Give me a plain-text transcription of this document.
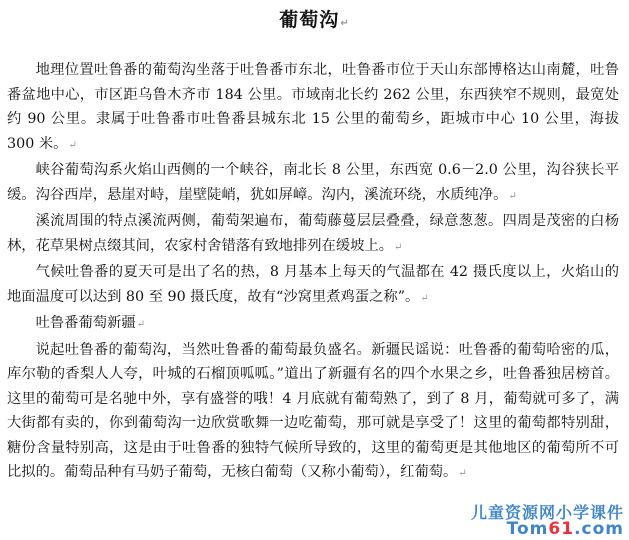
葡萄沟↵

地理位置吐鲁番的葡萄沟坐落于吐鲁番市东北，吐鲁番市位于天山东部博格达山南麓，吐鲁番盆地中心，市区距乌鲁木齐市 184 公里。市域南北长约 262 公里，东西狭窄不规则，最宽处约 90 公里。隶属于吐鲁番市吐鲁番县城东北 15 公里的葡萄乡，距城市中心 10 公里，海拔 300 米。↵

峡谷葡萄沟系火焰山西侧的一个峡谷，南北长 8 公里，东西宽 0.6－2.0 公里，沟谷狭长平缓。沟谷西岸，悬崖对峙，崖壁陡峭，犹如屏嶂。沟内，溪流环绕，水质纯净。↵

溪流周围的特点溪流两侧，葡萄架遍布，葡萄藤蔓层层叠叠，绿意葱葱。四周是茂密的白杨林，花草果树点缀其间，农家村舍错落有致地排列在缓坡上。↵

气候吐鲁番的夏天可是出了名的热，8 月基本上每天的气温都在 42 摄氏度以上，火焰山的地面温度可以达到 80 至 90 摄氏度，故有“沙窝里煮鸡蛋之称”。↵

吐鲁番葡萄新疆↵

说起吐鲁番的葡萄沟，当然吐鲁番的葡萄最负盛名。新疆民谣说：吐鲁番的葡萄哈密的瓜，库尔勒的香梨人人夸，叶城的石榴顶呱呱。”道出了新疆有名的四个水果之乡，吐鲁番独居榜首。这里的葡萄可是名驰中外，享有盛誉的哦！4 月底就有葡萄熟了，到了 8 月，葡萄就可多了，满大街都有卖的，你到葡萄沟一边欣赏歌舞一边吃葡萄，那可就是享受了！这里的葡萄都特别甜，糖份含量特别高，这是由于吐鲁番的独特气候所导致的，这里的葡萄更是其他地区的葡萄所不可比拟的。葡萄品种有马奶子葡萄，无核白葡萄（又称小葡萄），红葡萄。↵

儿童资源网小学课件
Tom61.com
